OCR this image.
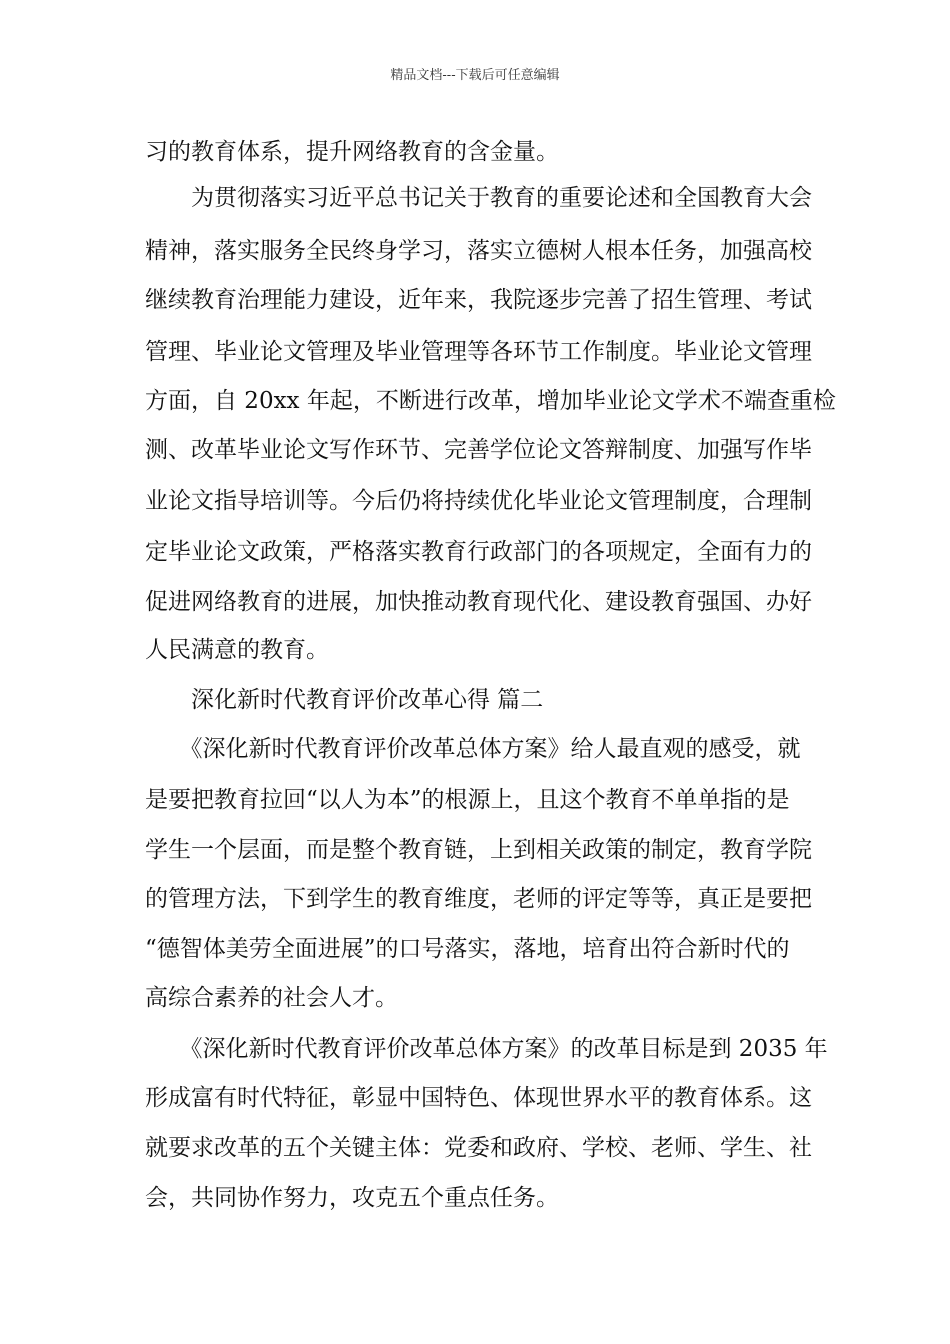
精品文档---下载后可任意编辑
习的教育体系，提升网络教育的含金量。
　　为贯彻落实习近平总书记关于教育的重要论述和全国教育大会
精神，落实服务全民终身学习，落实立德树人根本任务，加强高校
继续教育治理能力建设，近年来，我院逐步完善了招生管理、考试
管理、毕业论文管理及毕业管理等各环节工作制度。毕业论文管理
方面，自 20xx 年起，不断进行改革，增加毕业论文学术不端查重检
测、改革毕业论文写作环节、完善学位论文答辩制度、加强写作毕
业论文指导培训等。今后仍将持续优化毕业论文管理制度，合理制
定毕业论文政策，严格落实教育行政部门的各项规定，全面有力的
促进网络教育的进展，加快推动教育现代化、建设教育强国、办好
人民满意的教育。
　　深化新时代教育评价改革心得 篇二
　　《深化新时代教育评价改革总体方案》给人最直观的感受，就
是要把教育拉回“以人为本”的根源上，且这个教育不单单指的是
学生一个层面，而是整个教育链，上到相关政策的制定，教育学院
的管理方法，下到学生的教育维度，老师的评定等等，真正是要把
“德智体美劳全面进展”的口号落实，落地，培育出符合新时代的
高综合素养的社会人才。
　　《深化新时代教育评价改革总体方案》的改革目标是到 2035 年
形成富有时代特征，彰显中国特色、体现世界水平的教育体系。这
就要求改革的五个关键主体：党委和政府、学校、老师、学生、社
会，共同协作努力，攻克五个重点任务。
